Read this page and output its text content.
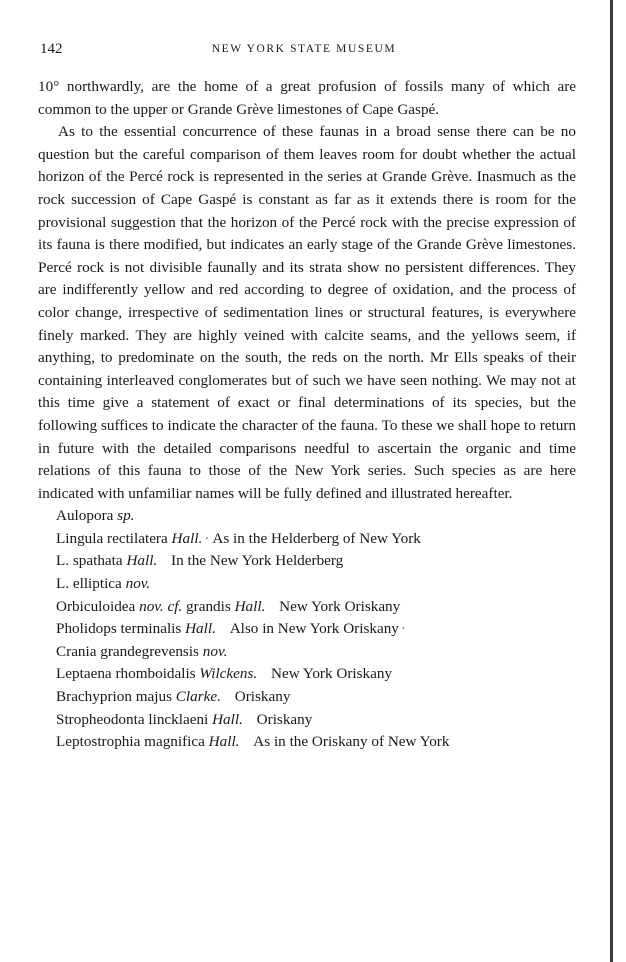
142	NEW YORK STATE MUSEUM

10° northwardly, are the home of a great profusion of fossils many of which are common to the upper or Grande Grève limestones of Cape Gaspé.

As to the essential concurrence of these faunas in a broad sense there can be no question but the careful comparison of them leaves room for doubt whether the actual horizon of the Percé rock is represented in the series at Grande Grève. Inasmuch as the rock succession of Cape Gaspé is constant as far as it extends there is room for the provisional suggestion that the horizon of the Percé rock with the precise expression of its fauna is there modified, but indicates an early stage of the Grande Grève limestones. Percé rock is not divisible faunally and its strata show no persistent differences. They are indifferently yellow and red according to degree of oxidation, and the process of color change, irrespective of sedimentation lines or structural features, is everywhere finely marked. They are highly veined with calcite seams, and the yellows seem, if anything, to predominate on the south, the reds on the north. Mr Ells speaks of their containing interleaved conglomerates but of such we have seen nothing. We may not at this time give a statement of exact or final determinations of its species, but the following suffices to indicate the character of the fauna. To these we shall hope to return in future with the detailed comparisons needful to ascertain the organic and time relations of this fauna to those of the New York series. Such species as are here indicated with unfamiliar names will be fully defined and illustrated hereafter.

Aulopora sp.
Lingula rectilatera Hall. · As in the Helderberg of New York
L. spathata Hall. In the New York Helderberg
L. elliptica nov.
Orbiculoidea nov. cf. grandis Hall. New York Oriskany
Pholidops terminalis Hall. Also in New York Oriskany ·
Crania grandegrevensis nov.
Leptaena rhomboidalis Wilckens. New York Oriskany
Brachyprion majus Clarke. Oriskany
Stropheodonta lincklaeni Hall. Oriskany
Leptostrophia magnifica Hall. As in the Oriskany of New York
